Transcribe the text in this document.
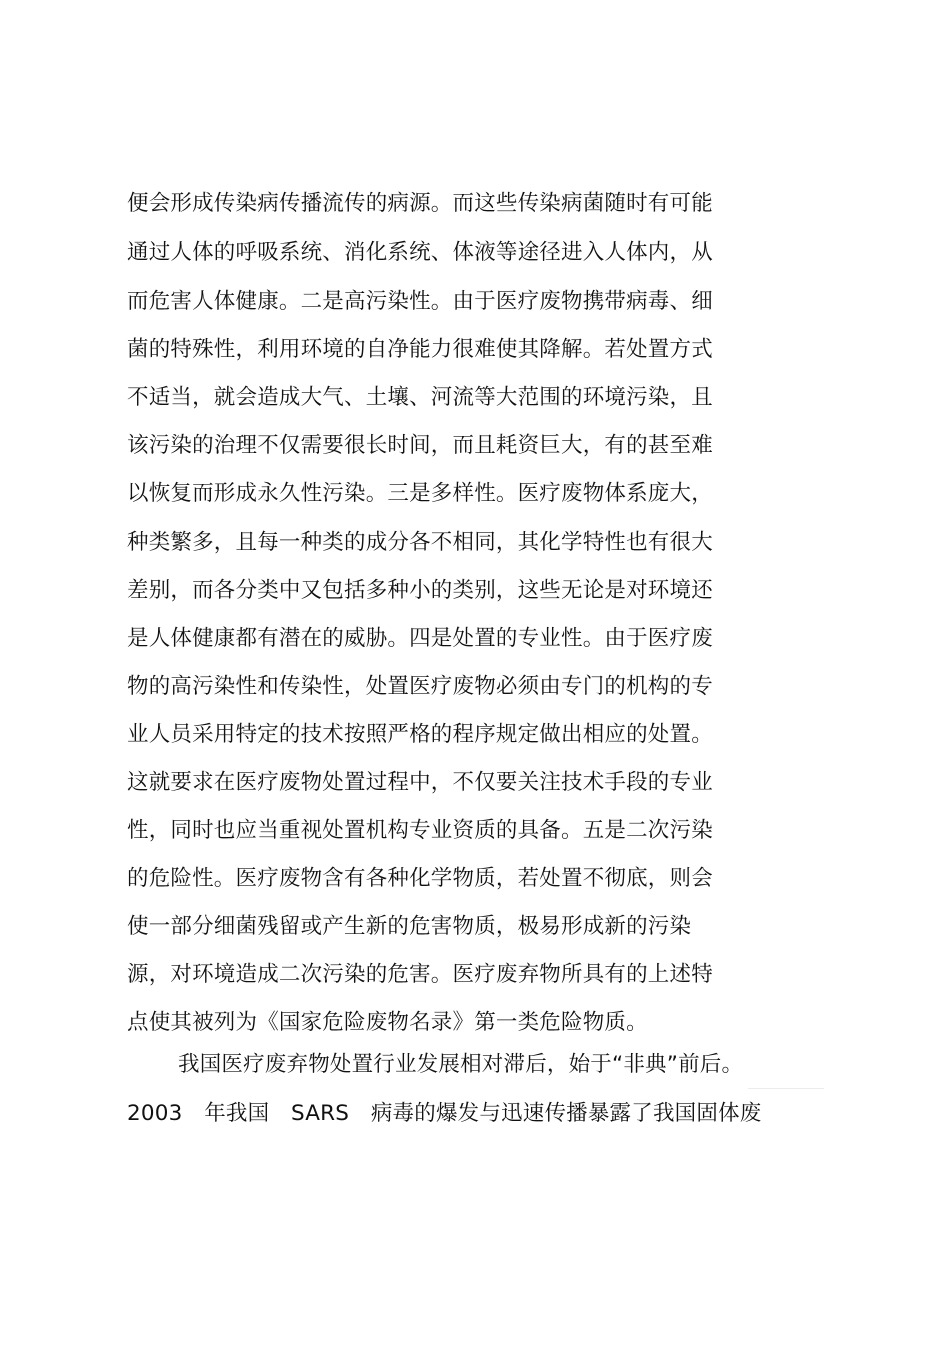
便会形成传染病传播流传的病源。而这些传染病菌随时有可能
通过人体的呼吸系统、消化系统、体液等途径进入人体内，从
而危害人体健康。二是高污染性。由于医疗废物携带病毒、细
菌的特殊性，利用环境的自净能力很难使其降解。若处置方式
不适当，就会造成大气、土壤、河流等大范围的环境污染，且
该污染的治理不仅需要很长时间，而且耗资巨大，有的甚至难
以恢复而形成永久性污染。三是多样性。医疗废物体系庞大，
种类繁多，且每一种类的成分各不相同，其化学特性也有很大
差别，而各分类中又包括多种小的类别，这些无论是对环境还
是人体健康都有潜在的威胁。四是处置的专业性。由于医疗废
物的高污染性和传染性，处置医疗废物必须由专门的机构的专
业人员采用特定的技术按照严格的程序规定做出相应的处置。
这就要求在医疗废物处置过程中，不仅要关注技术手段的专业
性，同时也应当重视处置机构专业资质的具备。五是二次污染
的危险性。医疗废物含有各种化学物质，若处置不彻底，则会
使一部分细菌残留或产生新的危害物质，极易形成新的污染
源，对环境造成二次污染的危害。医疗废弃物所具有的上述特
点使其被列为《国家危险废物名录》第一类危险物质。
我国医疗废弃物处置行业发展相对滞后，始于“非典”前后。
2003　年我国　SARS　病毒的爆发与迅速传播暴露了我国固体废
